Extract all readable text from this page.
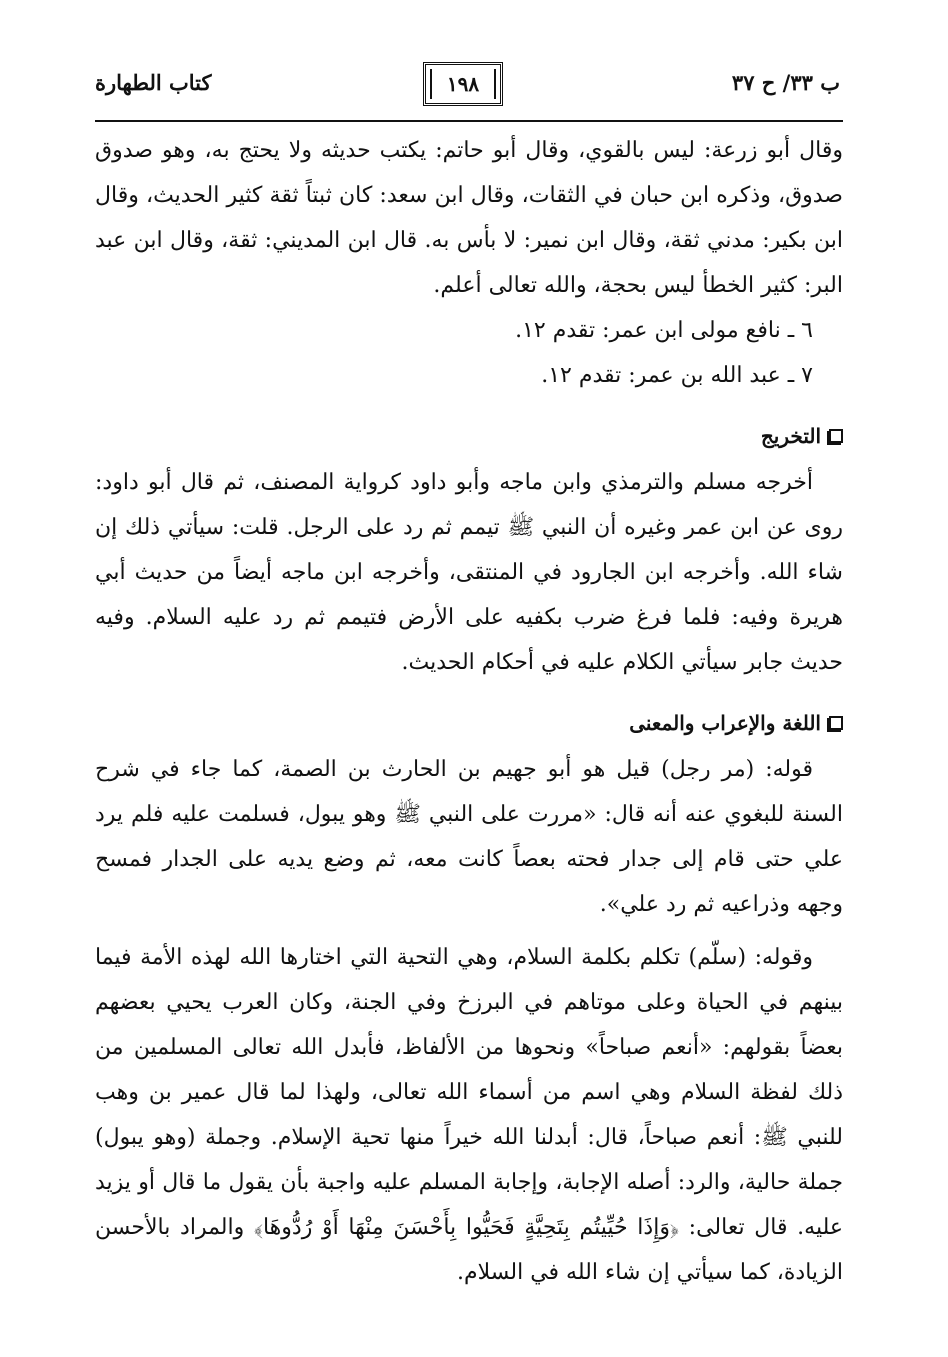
ب ٣٣/ ح ٣٧
١٩٨
كتاب الطهارة

وقال أبو زرعة: ليس بالقوي، وقال أبو حاتم: يكتب حديثه ولا يحتج به، وهو صدوق صدوق، وذكره ابن حبان في الثقات، وقال ابن سعد: كان ثبتاً ثقة كثير الحديث، وقال ابن بكير: مدني ثقة، وقال ابن نمير: لا بأس به. قال ابن المديني: ثقة، وقال ابن عبد البر: كثير الخطأ ليس بحجة، والله تعالى أعلم.

٦ ـ نافع مولى ابن عمر: تقدم ١٢.

٧ ـ عبد الله بن عمر: تقدم ١٢.

التخريج

أخرجه مسلم والترمذي وابن ماجه وأبو داود كرواية المصنف، ثم قال أبو داود: روى عن ابن عمر وغيره أن النبي ﷺ تيمم ثم رد على الرجل. قلت: سيأتي ذلك إن شاء الله. وأخرجه ابن الجارود في المنتقى، وأخرجه ابن ماجه أيضاً من حديث أبي هريرة وفيه: فلما فرغ ضرب بكفيه على الأرض فتيمم ثم رد عليه السلام. وفيه حديث جابر سيأتي الكلام عليه في أحكام الحديث.

اللغة والإعراب والمعنى

قوله: (مر رجل) قيل هو أبو جهيم بن الحارث بن الصمة، كما جاء في شرح السنة للبغوي عنه أنه قال: «مررت على النبي ﷺ وهو يبول، فسلمت عليه فلم يرد علي حتى قام إلى جدار فحته بعصاً كانت معه، ثم وضع يديه على الجدار فمسح وجهه وذراعيه ثم رد علي».

وقوله: (سلّم) تكلم بكلمة السلام، وهي التحية التي اختارها الله لهذه الأمة فيما بينهم في الحياة وعلى موتاهم في البرزخ وفي الجنة، وكان العرب يحيي بعضهم بعضاً بقولهم: «أنعم صباحاً» ونحوها من الألفاظ، فأبدل الله تعالى المسلمين من ذلك لفظة السلام وهي اسم من أسماء الله تعالى، ولهذا لما قال عمير بن وهب للنبي ﷺ: أنعم صباحاً، قال: أبدلنا الله خيراً منها تحية الإسلام. وجملة (وهو يبول) جملة حالية، والرد: أصله الإجابة، وإجابة المسلم عليه واجبة بأن يقول ما قال أو يزيد عليه. قال تعالى: ﴿وَإِذَا حُيِّيتُم بِتَحِيَّةٍ فَحَيُّوا بِأَحْسَنَ مِنْهَا أَوْ رُدُّوهَا﴾ والمراد بالأحسن الزيادة، كما سيأتي إن شاء الله في السلام.
